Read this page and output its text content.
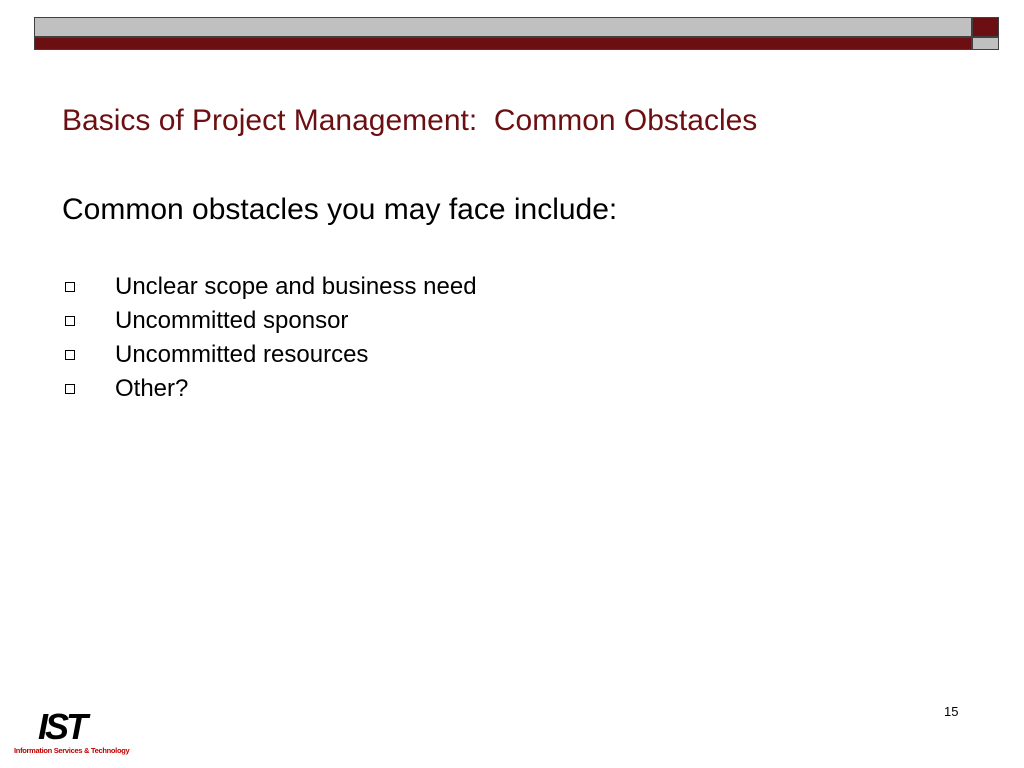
Basics of Project Management:  Common Obstacles
Common obstacles you may face include:

Unclear scope and business need

Uncommitted sponsor

Uncommitted resources

Other?

15
IST
Information Services & Technology
